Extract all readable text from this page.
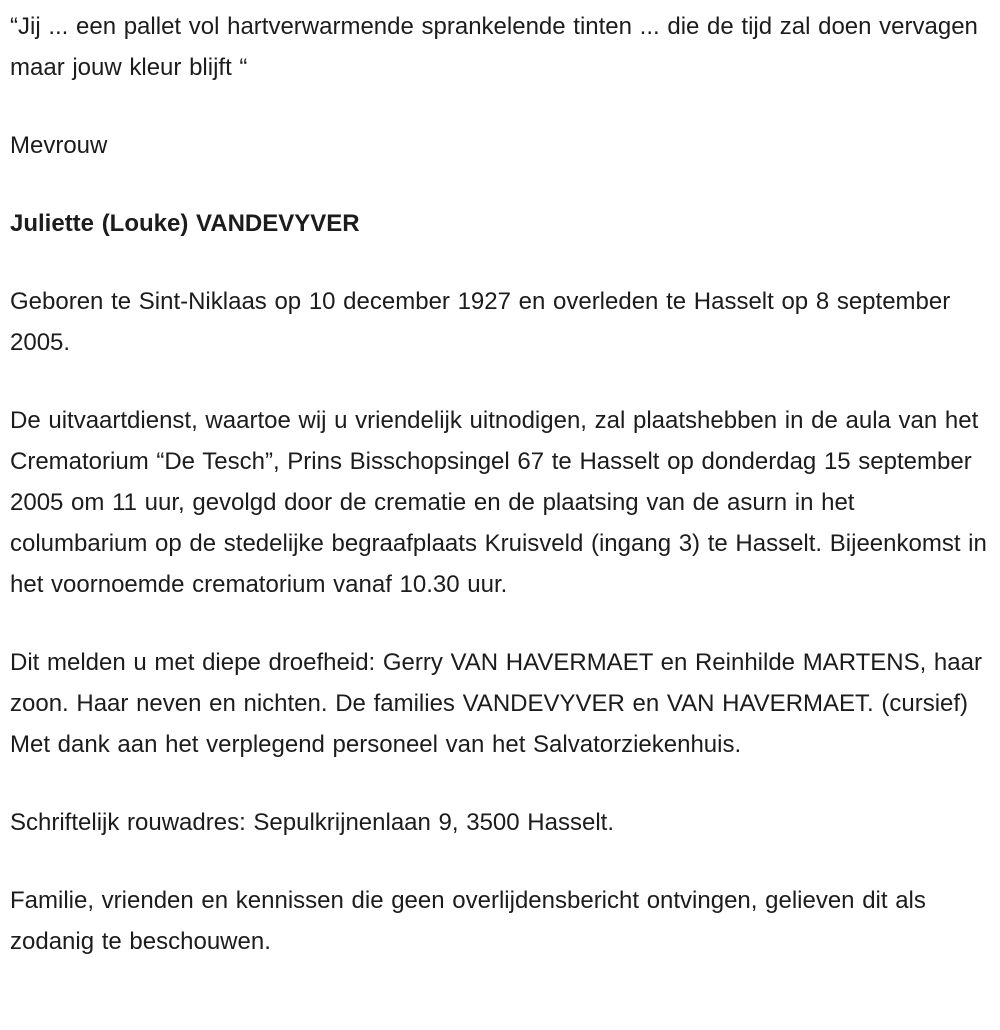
“Jij ... een pallet vol hartverwarmende sprankelende tinten ... die de tijd zal doen vervagen maar jouw kleur blijft “

Mevrouw

Juliette (Louke) VANDEVYVER

Geboren te Sint-Niklaas op 10 december 1927 en overleden te Hasselt op 8 september 2005.

De uitvaartdienst, waartoe wij u vriendelijk uitnodigen, zal plaatshebben in de aula van het Crematorium “De Tesch”, Prins Bisschopsingel 67 te Hasselt op donderdag 15 september 2005 om 11 uur, gevolgd door de crematie en de plaatsing van de asurn in het columbarium op de stedelijke begraafplaats Kruisveld (ingang 3) te Hasselt. Bijeenkomst in het voornoemde crematorium vanaf 10.30 uur.

Dit melden u met diepe droefheid: Gerry VAN HAVERMAET en Reinhilde MARTENS, haar zoon. Haar neven en nichten. De families VANDEVYVER en VAN HAVERMAET. (cursief) Met dank aan het verplegend personeel van het Salvatorziekenhuis.

Schriftelijk rouwadres: Sepulkrijnenlaan 9, 3500 Hasselt.

Familie, vrienden en kennissen die geen overlijdensbericht ontvingen, gelieven dit als zodanig te beschouwen.
